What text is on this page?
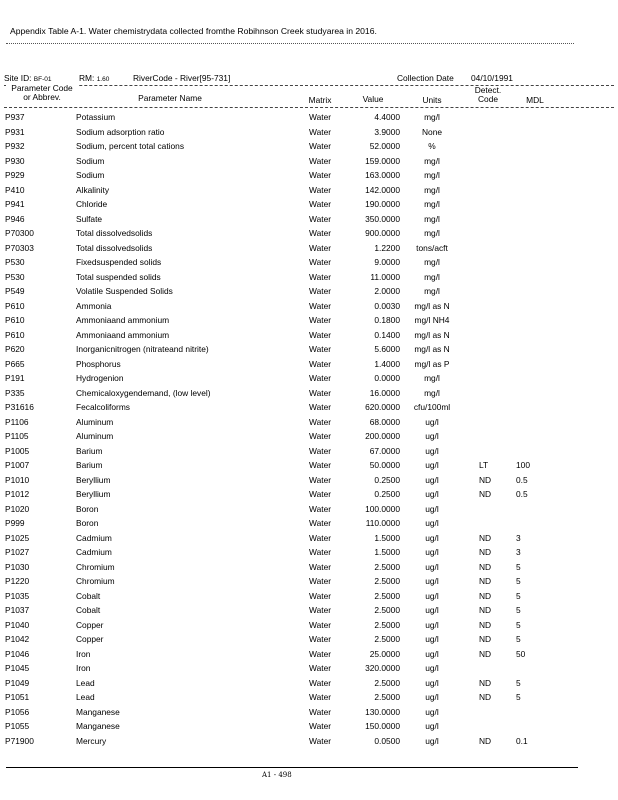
Appendix Table A-1. Water chemistrydata collected fromthe Robihnson Creek studyarea in 2016.
Site ID: BF-01	RM: 1.60	RiverCode - River[95-731]	Collection Date 04/10/1991
Parameter Code
or Abbrev.	Parameter Name	Matrix	Value	Units
Detect.
Code	MDL
P937	Potassium	Water	4.4000	mg/l
P931	Sodium adsorption ratio	Water	3.9000	None
P932	Sodium, percent total cations	Water	52.0000	%
P930	Sodium	Water	159.0000	mg/l
P929	Sodium	Water	163.0000	mg/l
P410	Alkalinity	Water	142.0000	mg/l
P941	Chloride	Water	190.0000	mg/l
P946	Sulfate	Water	350.0000	mg/l
P70300	Total dissolvedsolids	Water	900.0000	mg/l
P70303	Total dissolvedsolids	Water	1.2200	tons/acft
P530	Fixedsuspended solids	Water	9.0000	mg/l
P530	Total suspended solids	Water	11.0000	mg/l
P549	Volatile Suspended Solids	Water	2.0000	mg/l
P610	Ammonia	Water	0.0030	mg/l as N
P610	Ammoniaand ammonium	Water	0.1800	mg/l NH4
P610	Ammoniaand ammonium	Water	0.1400	mg/l as N
P620	Inorganicnitrogen (nitrateand nitrite)	Water	5.6000	mg/l as N
P665	Phosphorus	Water	1.4000	mg/l as P
P191	Hydrogenion	Water	0.0000	mg/l
P335	Chemicaloxygendemand, (low level)	Water	16.0000	mg/l
P31616	Fecalcoliforms	Water	620.0000	cfu/100ml
P1106	Aluminum	Water	68.0000	ug/l
P1105	Aluminum	Water	200.0000	ug/l
P1005	Barium	Water	67.0000	ug/l
P1007	Barium	Water	50.0000	ug/l	LT	100
P1010	Beryllium	Water	0.2500	ug/l	ND	0.5
P1012	Beryllium	Water	0.2500	ug/l	ND	0.5
P1020	Boron	Water	100.0000	ug/l
P999	Boron	Water	110.0000	ug/l
P1025	Cadmium	Water	1.5000	ug/l	ND	3
P1027	Cadmium	Water	1.5000	ug/l	ND	3
P1030	Chromium	Water	2.5000	ug/l	ND	5
P1220	Chromium	Water	2.5000	ug/l	ND	5
P1035	Cobalt	Water	2.5000	ug/l	ND	5
P1037	Cobalt	Water	2.5000	ug/l	ND	5
P1040	Copper	Water	2.5000	ug/l	ND	5
P1042	Copper	Water	2.5000	ug/l	ND	5
P1046	Iron	Water	25.0000	ug/l	ND	50
P1045	Iron	Water	320.0000	ug/l
P1049	Lead	Water	2.5000	ug/l	ND	5
P1051	Lead	Water	2.5000	ug/l	ND	5
P1056	Manganese	Water	130.0000	ug/l
P1055	Manganese	Water	150.0000	ug/l
P71900	Mercury	Water	0.0500	ug/l	ND	0.1
A1 - 498
